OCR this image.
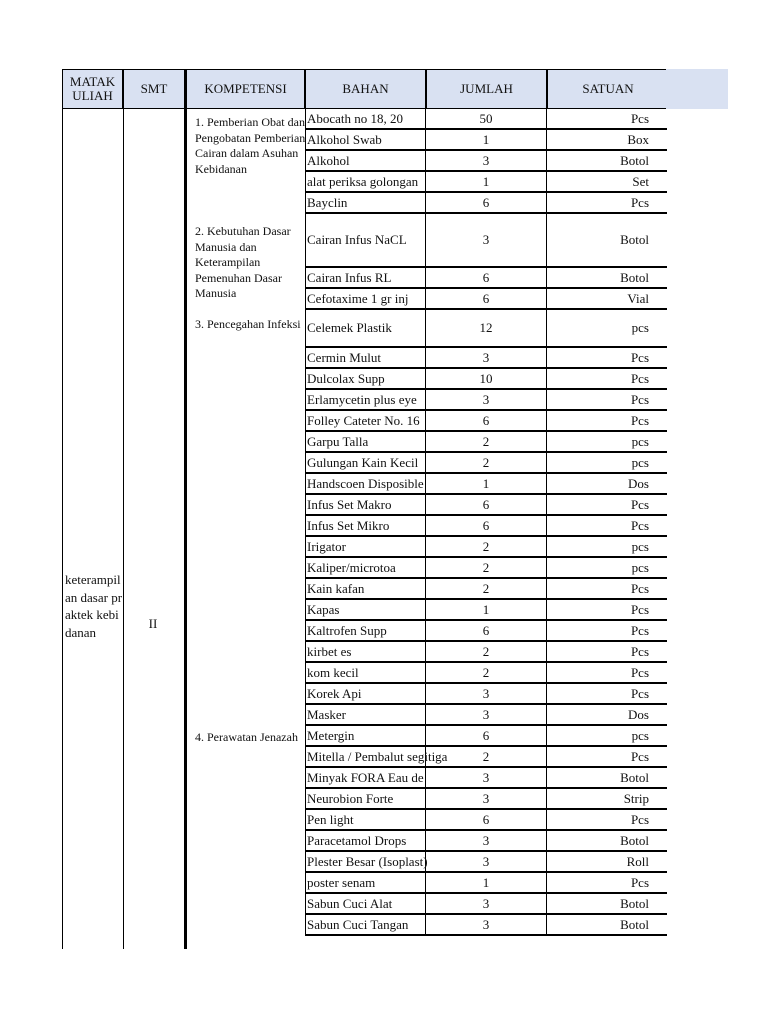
MATAK ULIAH	SMT	KOMPETENSI	BAHAN	JUMLAH	SATUAN
keterampilan dasar praktek kebidanan
II
1. Pemberian Obat dan Pengobatan Pemberian Cairan dalam Asuhan Kebidanan
2. Kebutuhan Dasar Manusia dan Keterampilan Pemenuhan Dasar Manusia
3. Pencegahan Infeksi
4. Perawatan Jenazah
Abocath no 18, 20	50	Pcs
Alkohol Swab	1	Box
Alkohol	3	Botol
alat periksa golongan	1	Set
Bayclin	6	Pcs
Cairan Infus NaCL	3	Botol
Cairan Infus RL	6	Botol
Cefotaxime 1 gr inj	6	Vial
Celemek Plastik	12	pcs
Cermin Mulut	3	Pcs
Dulcolax Supp	10	Pcs
Erlamycetin plus eye	3	Pcs
Folley Cateter No. 16	6	Pcs
Garpu Talla	2	pcs
Gulungan Kain Kecil	2	pcs
Handscoen Disposible	1	Dos
Infus Set Makro	6	Pcs
Infus Set Mikro	6	Pcs
Irigator	2	pcs
Kaliper/microtoa	2	pcs
Kain kafan	2	Pcs
Kapas	1	Pcs
Kaltrofen Supp	6	Pcs
kirbet es	2	Pcs
kom kecil	2	Pcs
Korek Api	3	Pcs
Masker	3	Dos
Metergin	6	pcs
Mitella / Pembalut segitiga	2	Pcs
Minyak FORA Eau de	3	Botol
Neurobion Forte	3	Strip
Pen light	6	Pcs
Paracetamol Drops	3	Botol
Plester Besar (Isoplast)	3	Roll
poster senam	1	Pcs
Sabun Cuci Alat	3	Botol
Sabun Cuci Tangan	3	Botol
